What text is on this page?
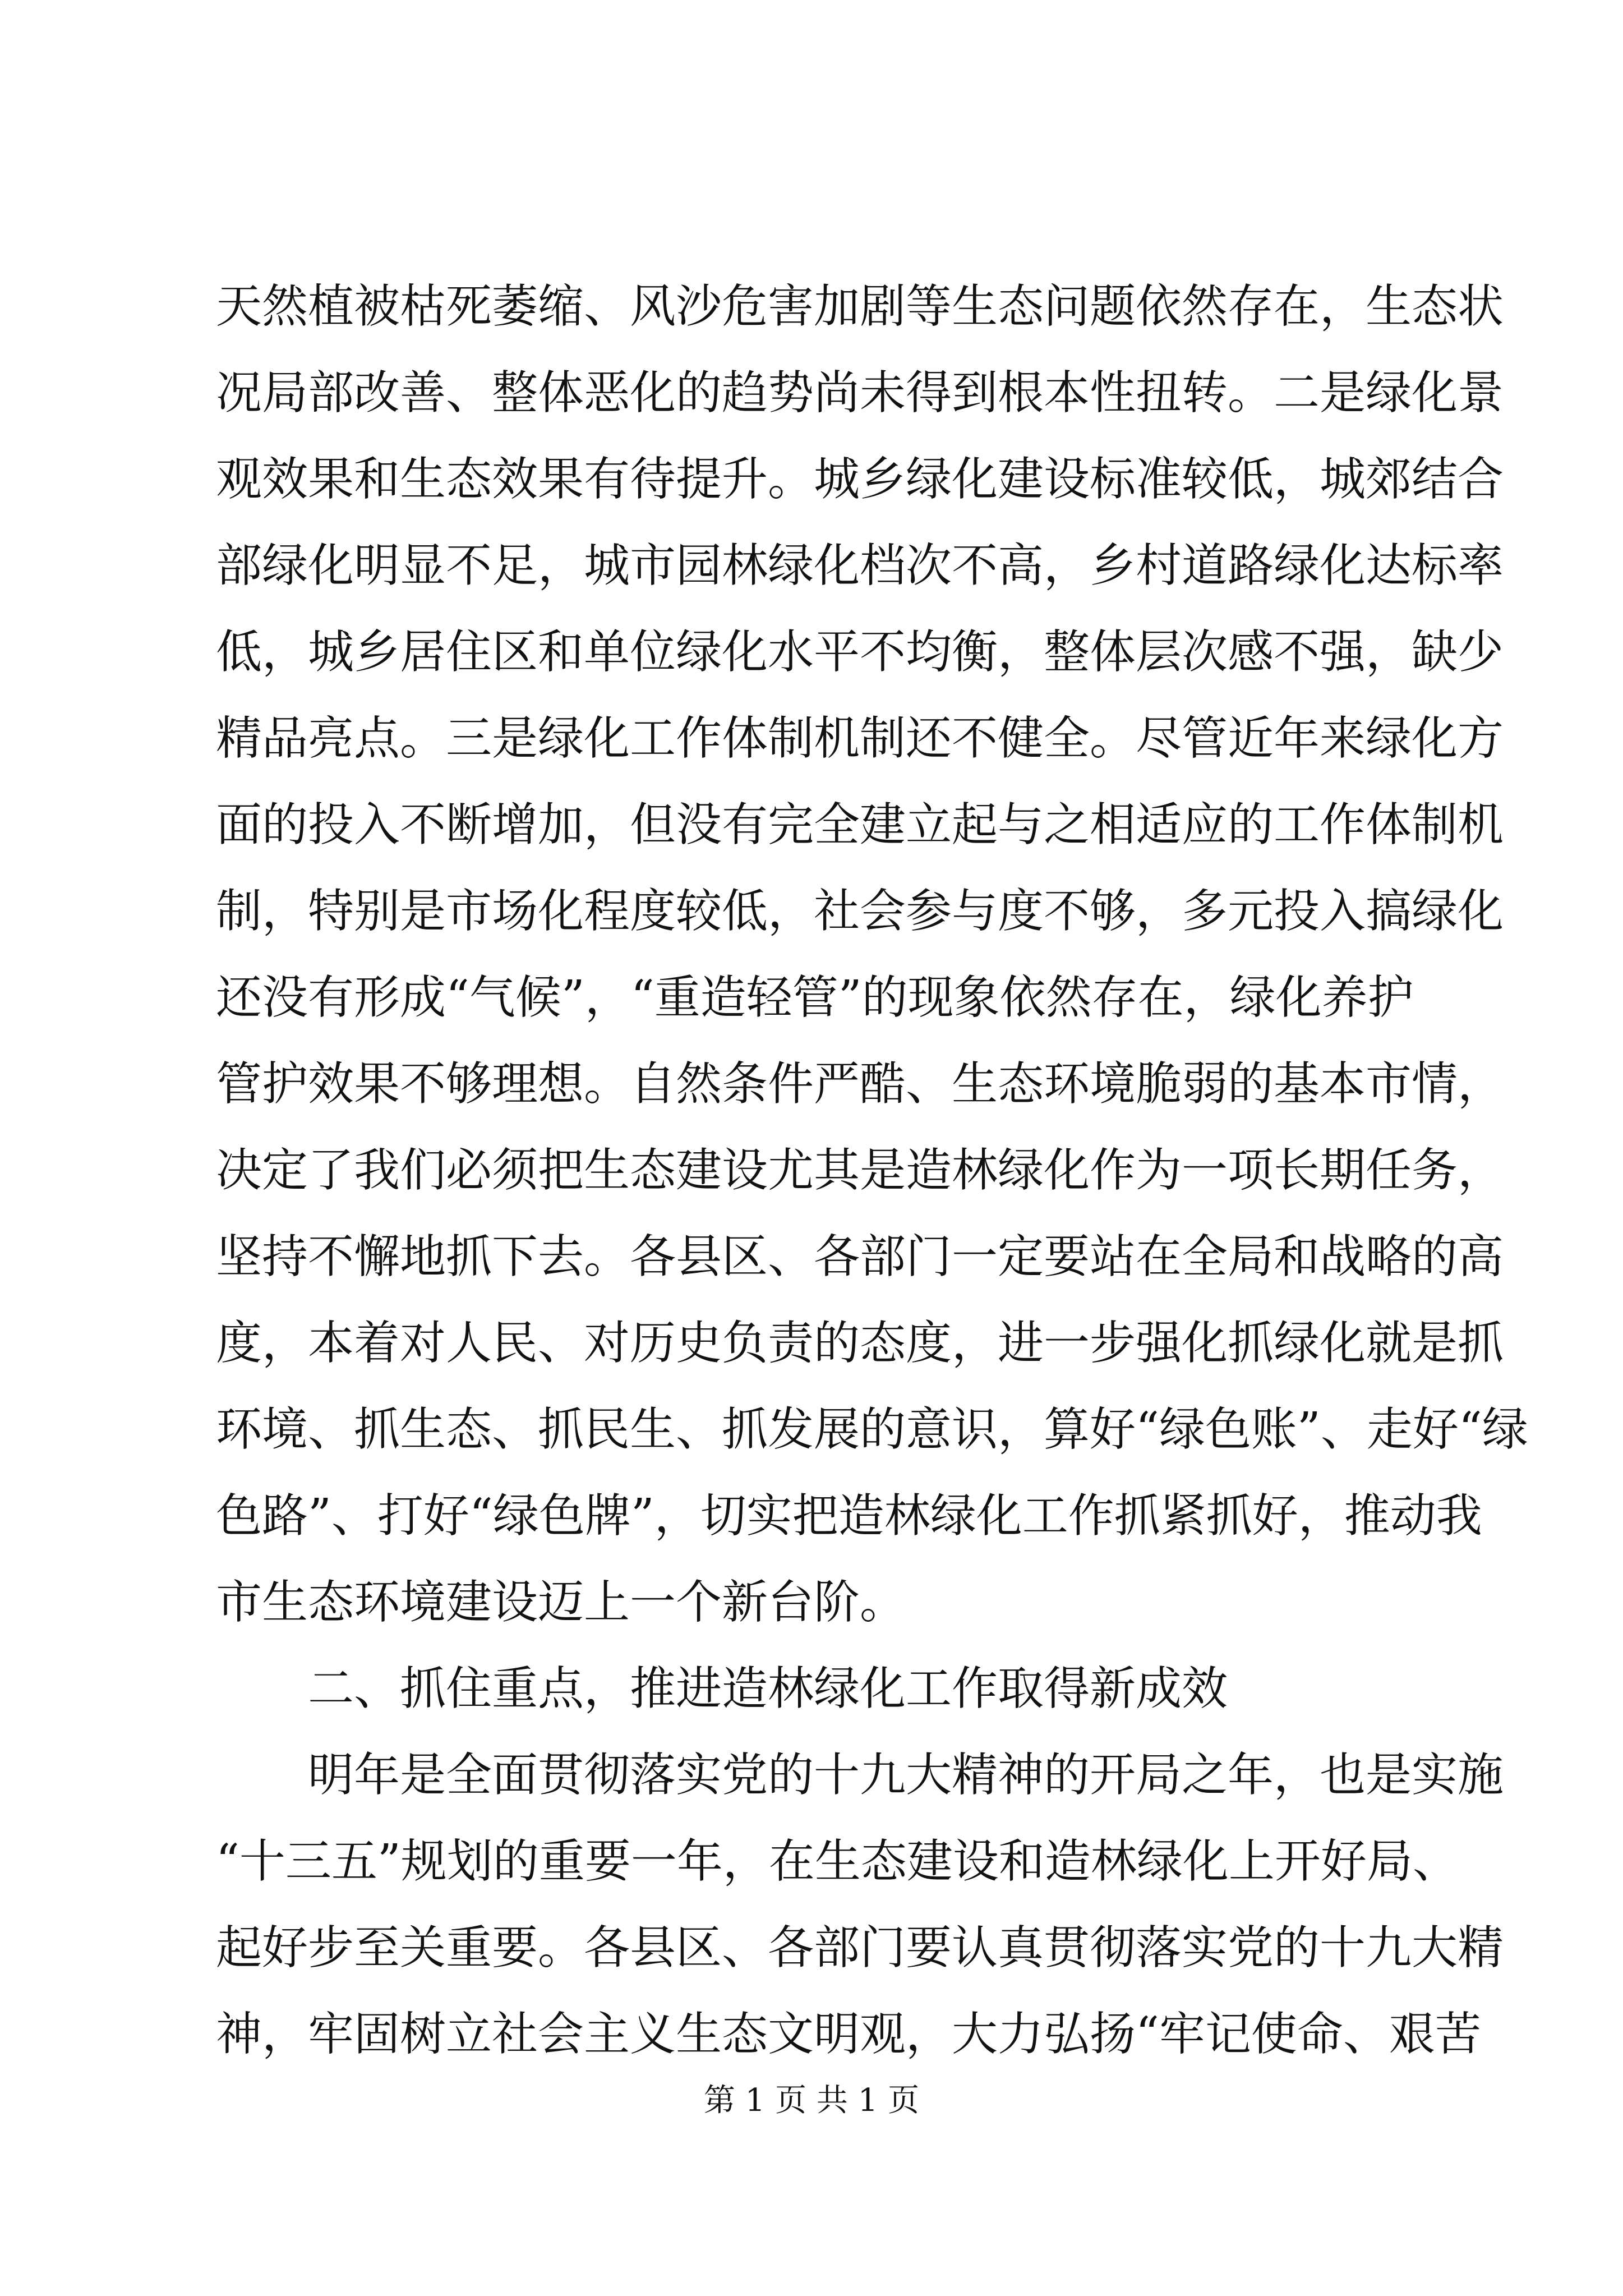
天然植被枯死萎缩、风沙危害加剧等生态问题依然存在，生态状
况局部改善、整体恶化的趋势尚未得到根本性扭转。二是绿化景
观效果和生态效果有待提升。城乡绿化建设标准较低，城郊结合
部绿化明显不足，城市园林绿化档次不高，乡村道路绿化达标率
低，城乡居住区和单位绿化水平不均衡，整体层次感不强，缺少
精品亮点。三是绿化工作体制机制还不健全。尽管近年来绿化方
面的投入不断增加，但没有完全建立起与之相适应的工作体制机
制，特别是市场化程度较低，社会参与度不够，多元投入搞绿化
还没有形成“气候”，“重造轻管”的现象依然存在，绿化养护
管护效果不够理想。自然条件严酷、生态环境脆弱的基本市情，
决定了我们必须把生态建设尤其是造林绿化作为一项长期任务，
坚持不懈地抓下去。各县区、各部门一定要站在全局和战略的高
度，本着对人民、对历史负责的态度，进一步强化抓绿化就是抓
环境、抓生态、抓民生、抓发展的意识，算好“绿色账”、走好“绿
色路”、打好“绿色牌”，切实把造林绿化工作抓紧抓好，推动我
市生态环境建设迈上一个新台阶。
　　二、抓住重点，推进造林绿化工作取得新成效
　　明年是全面贯彻落实党的十九大精神的开局之年，也是实施
“十三五”规划的重要一年，在生态建设和造林绿化上开好局、
起好步至关重要。各县区、各部门要认真贯彻落实党的十九大精
神，牢固树立社会主义生态文明观，大力弘扬“牢记使命、艰苦
第 1 页 共 1 页
